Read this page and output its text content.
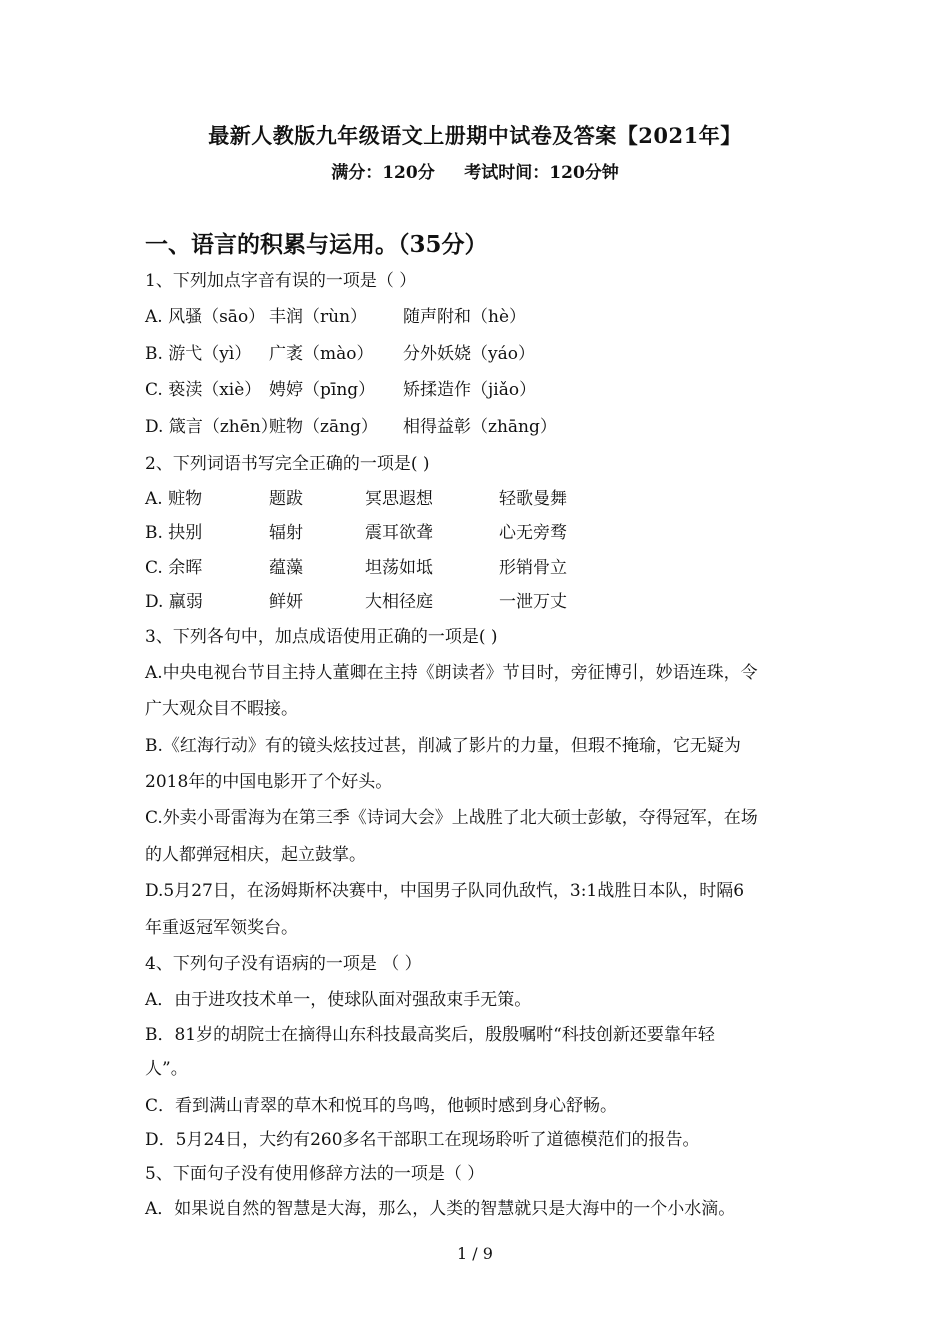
最新人教版九年级语文上册期中试卷及答案【2021年】
满分：120分     考试时间：120分钟
一、语言的积累与运用。（35分）
1、下列加点字音有误的一项是（ ）
A. 风骚（sāo） 丰润（rùn） 随声附和（hè）
B. 游弋（yì） 广袤（mào） 分外妖娆（yáo）
C. 亵渎（xiè） 娉婷（pīng） 矫揉造作（jiǎo）
D. 箴言（zhēn）赃物（zāng） 相得益彰（zhāng）
2、下列词语书写完全正确的一项是( )
A. 赃物	题跋	冥思遐想	轻歌曼舞
B. 抉别	辐射	震耳欲聋	心无旁骛
C. 余晖	蕴藻	坦荡如坻	形销骨立
D. 羸弱	鲜妍	大相径庭	一泄万丈
3、下列各句中，加点成语使用正确的一项是( )
A.中央电视台节目主持人董卿在主持《朗读者》节目时，旁征博引，妙语连珠，令
广大观众目不暇接。
B.《红海行动》有的镜头炫技过甚，削减了影片的力量，但瑕不掩瑜，它无疑为
2018年的中国电影开了个好头。
C.外卖小哥雷海为在第三季《诗词大会》上战胜了北大硕士彭敏，夺得冠军，在场
的人都弹冠相庆，起立鼓掌。
D.5月27日，在汤姆斯杯决赛中，中国男子队同仇敌忾，3:1战胜日本队，时隔6
年重返冠军领奖台。
4、下列句子没有语病的一项是 （ ）
A．由于进攻技术单一，使球队面对强敌束手无策。
B．81岁的胡院士在摘得山东科技最高奖后，殷殷嘱咐“科技创新还要靠年轻
人”。
C．看到满山青翠的草木和悦耳的鸟鸣，他顿时感到身心舒畅。
D．5月24日，大约有260多名干部职工在现场聆听了道德模范们的报告。
5、下面句子没有使用修辞方法的一项是（ ）
A．如果说自然的智慧是大海，那么，人类的智慧就只是大海中的一个小水滴。
1 / 9
